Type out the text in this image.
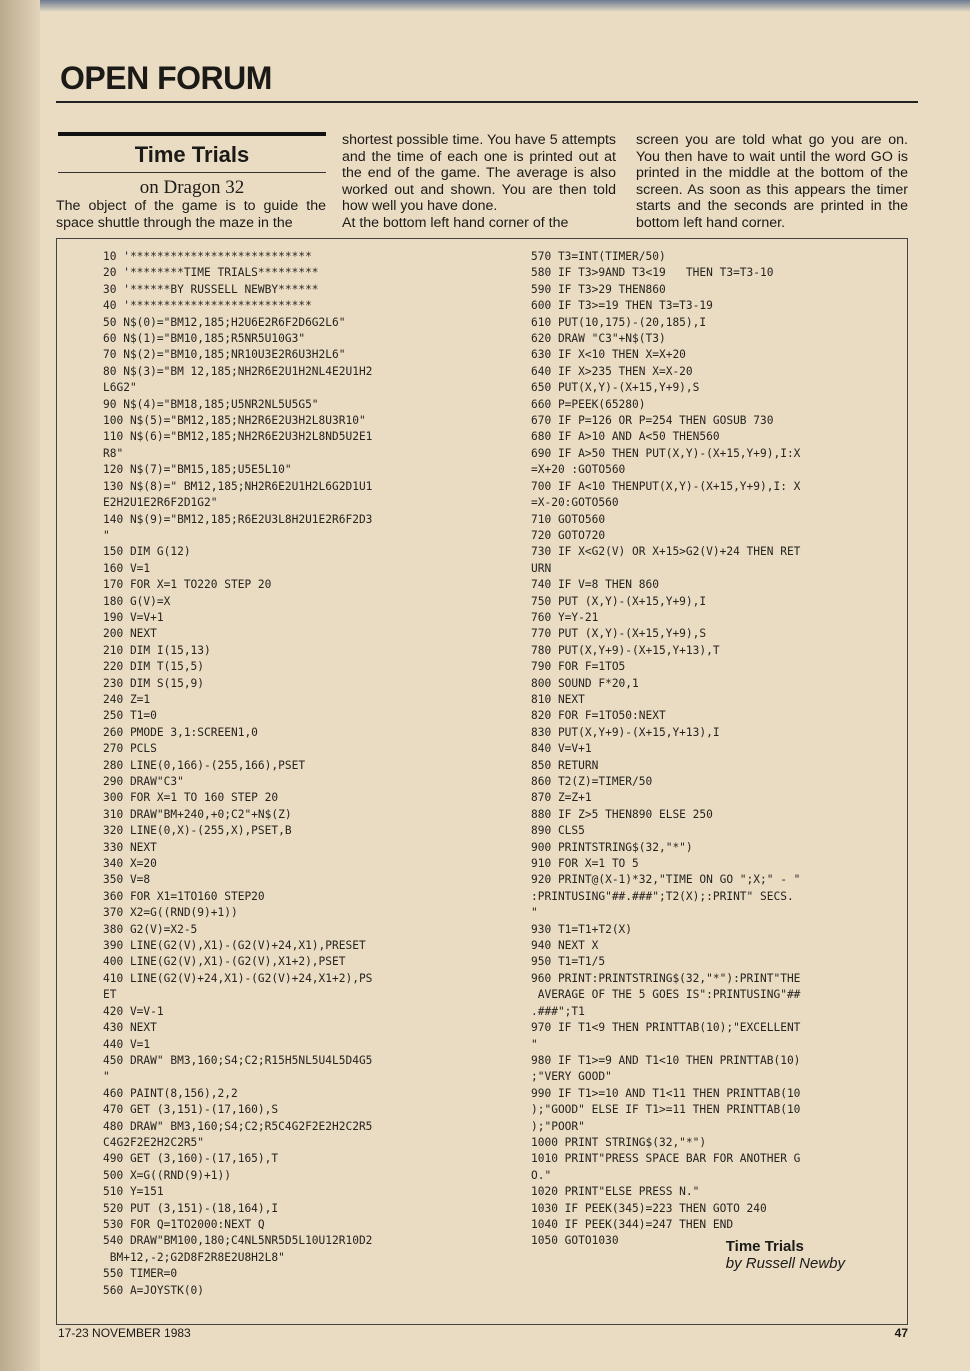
OPEN FORUM
Time Trials
on Dragon 32
The object of the game is to guide the space shuttle through the maze in the
shortest possible time. You have 5 attempts and the time of each one is printed out at the end of the game. The average is also worked out and shown. You are then told how well you have done.
At the bottom left hand corner of the
screen you are told what go you are on. You then have to wait until the word GO is printed in the middle at the bottom of the screen. As soon as this appears the timer starts and the seconds are printed in the bottom left hand corner.
10 '***************************
20 '********TIME TRIALS*********
30 '******BY RUSSELL NEWBY******
40 '***************************
50 N$(0)="BM12,185;H2U6E2R6F2D6G2L6"
60 N$(1)="BM10,185;R5NR5U10G3"
70 N$(2)="BM10,185;NR10U3E2R6U3H2L6"
80 N$(3)="BM 12,185;NH2R6E2U1H2NL4E2U1H2
L6G2"
90 N$(4)="BM18,185;U5NR2NL5U5G5"
100 N$(5)="BM12,185;NH2R6E2U3H2L8U3R10"
110 N$(6)="BM12,185;NH2R6E2U3H2L8ND5U2E1
R8"
120 N$(7)="BM15,185;U5E5L10"
130 N$(8)=" BM12,185;NH2R6E2U1H2L6G2D1U1
E2H2U1E2R6F2D1G2"
140 N$(9)="BM12,185;R6E2U3L8H2U1E2R6F2D3
"
150 DIM G(12)
160 V=1
170 FOR X=1 TO220 STEP 20
180 G(V)=X
190 V=V+1
200 NEXT
210 DIM I(15,13)
220 DIM T(15,5)
230 DIM S(15,9)
240 Z=1
250 T1=0
260 PMODE 3,1:SCREEN1,0
270 PCLS
280 LINE(0,166)-(255,166),PSET
290 DRAW"C3"
300 FOR X=1 TO 160 STEP 20
310 DRAW"BM+240,+0;C2"+N$(Z)
320 LINE(0,X)-(255,X),PSET,B
330 NEXT
340 X=20
350 V=8
360 FOR X1=1TO160 STEP20
370 X2=G((RND(9)+1))
380 G2(V)=X2-5
390 LINE(G2(V),X1)-(G2(V)+24,X1),PRESET
400 LINE(G2(V),X1)-(G2(V),X1+2),PSET
410 LINE(G2(V)+24,X1)-(G2(V)+24,X1+2),PS
ET
420 V=V-1
430 NEXT
440 V=1
450 DRAW" BM3,160;S4;C2;R15H5NL5U4L5D4G5
"
460 PAINT(8,156),2,2
470 GET (3,151)-(17,160),S
480 DRAW" BM3,160;S4;C2;R5C4G2F2E2H2C2R5
C4G2F2E2H2C2R5"
490 GET (3,160)-(17,165),T
500 X=G((RND(9)+1))
510 Y=151
520 PUT (3,151)-(18,164),I
530 FOR Q=1TO2000:NEXT Q
540 DRAW"BM100,180;C4NL5NR5D5L10U12R10D2
BM+12,-2;G2D8F2R8E2U8H2L8"
550 TIMER=0
560 A=JOYSTK(0)
570 T3=INT(TIMER/50)
580 IF T3>9AND T3<19   THEN T3=T3-10
590 IF T3>29 THEN860
600 IF T3>=19 THEN T3=T3-19
610 PUT(10,175)-(20,185),I
620 DRAW "C3"+N$(T3)
630 IF X<10 THEN X=X+20
640 IF X>235 THEN X=X-20
650 PUT(X,Y)-(X+15,Y+9),S
660 P=PEEK(65280)
670 IF P=126 OR P=254 THEN GOSUB 730
680 IF A>10 AND A<50 THEN560
690 IF A>50 THEN PUT(X,Y)-(X+15,Y+9),I:X
=X+20 :GOTO560
700 IF A<10 THENPUT(X,Y)-(X+15,Y+9),I: X
=X-20:GOTO560
710 GOTO560
720 GOTO720
730 IF X<G2(V) OR X+15>G2(V)+24 THEN RET
URN
740 IF V=8 THEN 860
750 PUT (X,Y)-(X+15,Y+9),I
760 Y=Y-21
770 PUT (X,Y)-(X+15,Y+9),S
780 PUT(X,Y+9)-(X+15,Y+13),T
790 FOR F=1TO5
800 SOUND F*20,1
810 NEXT
820 FOR F=1TO50:NEXT
830 PUT(X,Y+9)-(X+15,Y+13),I
840 V=V+1
850 RETURN
860 T2(Z)=TIMER/50
870 Z=Z+1
880 IF Z>5 THEN890 ELSE 250
890 CLS5
900 PRINTSTRING$(32,"*")
910 FOR X=1 TO 5
920 PRINT@(X-1)*32,"TIME ON GO ";X;" - "
:PRINTUSING"##.###";T2(X);:PRINT" SECS.
"
930 T1=T1+T2(X)
940 NEXT X
950 T1=T1/5
960 PRINT:PRINTSTRING$(32,"*"):PRINT"THE
AVERAGE OF THE 5 GOES IS":PRINTUSING"##
.###";T1
970 IF T1<9 THEN PRINTTAB(10);"EXCELLENT
"
980 IF T1>=9 AND T1<10 THEN PRINTTAB(10)
;"VERY GOOD"
990 IF T1>=10 AND T1<11 THEN PRINTTAB(10
);"GOOD" ELSE IF T1>=11 THEN PRINTTAB(10
);"POOR"
1000 PRINT STRING$(32,"*")
1010 PRINT"PRESS SPACE BAR FOR ANOTHER G
O."
1020 PRINT"ELSE PRESS N."
1030 IF PEEK(345)=223 THEN GOTO 240
1040 IF PEEK(344)=247 THEN END
1050 GOTO1030	Time Trials
by Russell Newby
17-23 NOVEMBER 1983	47
